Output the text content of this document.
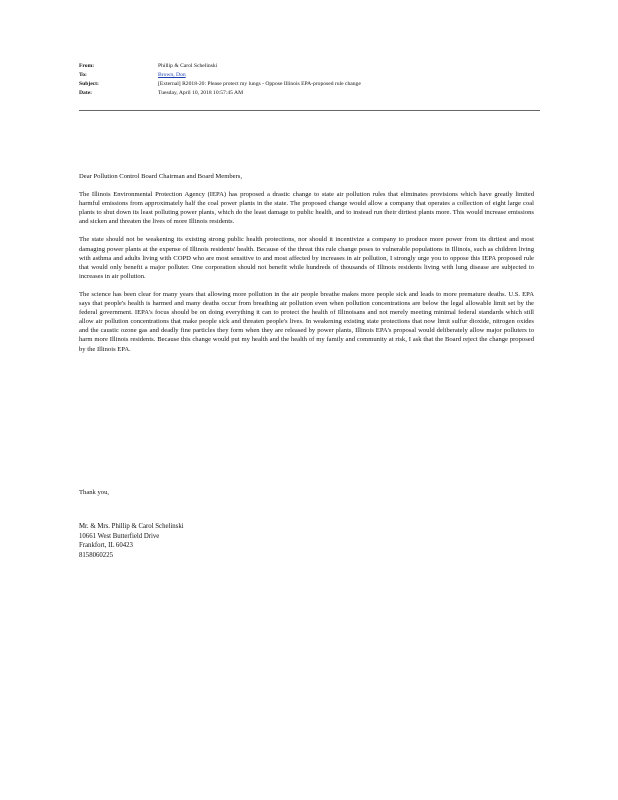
From:	Phillip & Carol Schelinski
To:	Brown, Don
Subject:	[External] R2018-20: Please protect my lungs - Oppose Illinois EPA-proposed rule change
Date:	Tuesday, April 10, 2018 10:57:45 AM

Dear Pollution Control Board Chairman and Board Members,

The Illinois Environmental Protection Agency (IEPA) has proposed a drastic change to state air pollution rules that eliminates provisions which have greatly limited harmful emissions from approximately half the coal power plants in the state. The proposed change would allow a company that operates a collection of eight large coal plants to shut down its least polluting power plants, which do the least damage to public health, and to instead run their dirtiest plants more. This would increase emissions and sicken and threaten the lives of more Illinois residents.

The state should not be weakening its existing strong public health protections, nor should it incentivize a company to produce more power from its dirtiest and most damaging power plants at the expense of Illinois residents' health. Because of the threat this rule change poses to vulnerable populations in Illinois, such as children living with asthma and adults living with COPD who are most sensitive to and most affected by increases in air pollution, I strongly urge you to oppose this IEPA proposed rule that would only benefit a major polluter. One corporation should not benefit while hundreds of thousands of Illinois residents living with lung disease are subjected to increases in air pollution.

The science has been clear for many years that allowing more pollution in the air people breathe makes more people sick and leads to more premature deaths. U.S. EPA says that people's health is harmed and many deaths occur from breathing air pollution even when pollution concentrations are below the legal allowable limit set by the federal government. IEPA's focus should be on doing everything it can to protect the health of Illinoisans and not merely meeting minimal federal standards which still allow air pollution concentrations that make people sick and threaten people's lives. In weakening existing state protections that now limit sulfur dioxide, nitrogen oxides and the caustic ozone gas and deadly fine particles they form when they are released by power plants, Illinois EPA's proposal would deliberately allow major polluters to harm more Illinois residents. Because this change would put my health and the health of my family and community at risk, I ask that the Board reject the change proposed by the Illinois EPA.

Thank you,
Mr. & Mrs. Phillip & Carol Schelinski
10661 West Butterfield Drive
Frankfort, IL 60423
8158060225
